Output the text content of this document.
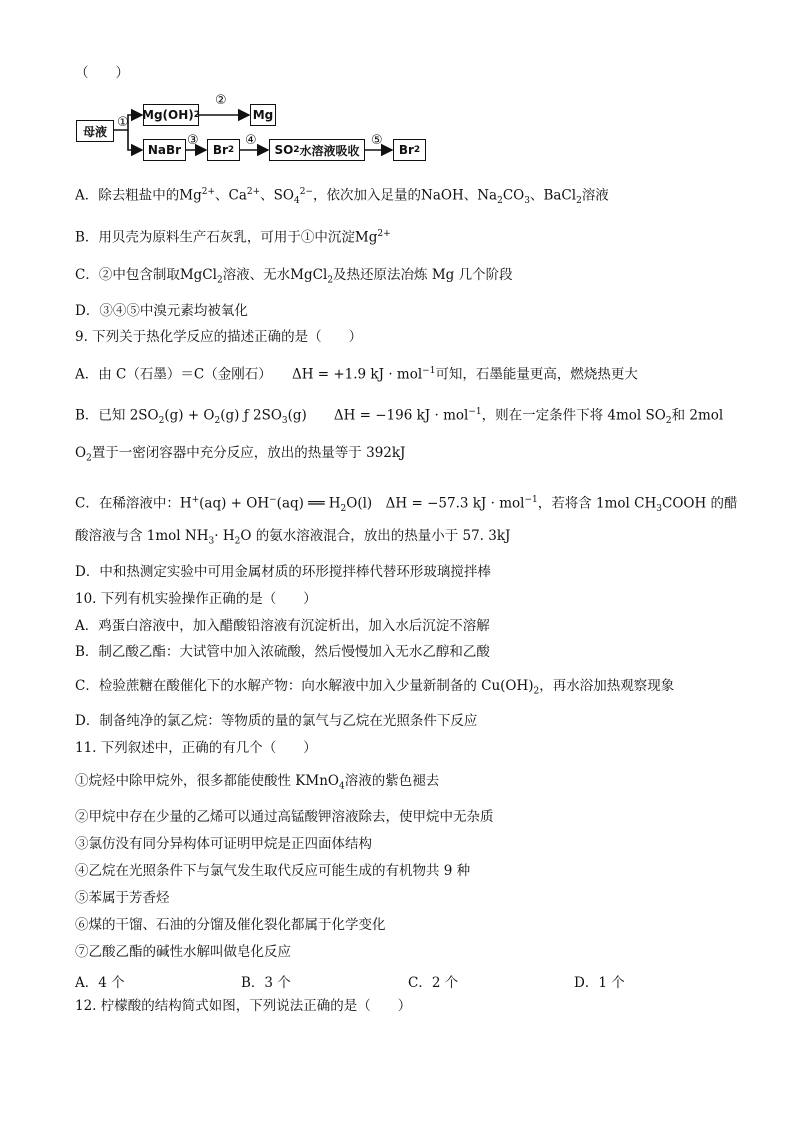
（　　）
母液
Mg(OH) 2	Mg
NaBr	Br 2	SO 2 水溶液吸收	Br 2
①
②
③	④	⑤
A．除去粗盐中的$Mg^{2+}$、$Ca^{2+}$、$SO_4^{2-}$，依次加入足量的NaOH、$Na_2CO_3$、BaCl$_2$溶液
B．用贝壳为原料生产石灰乳，可用于①中沉淀$Mg^{2+}$
C．②中包含制取MgCl$_2$溶液、无水MgCl$_2$及热还原法冶炼 Mg 几个阶段
D．③④⑤中溴元素均被氧化
9. 下列关于热化学反应的描述正确的是（　　）
A．由 C（石墨）＝C（金刚石）　　ΔH = +1.9 kJ · mol$^{-1}$可知，石墨能量更高，燃烧热更大
B．已知 $2SO_2(g) + O_2(g)$ ƒ $2SO_3(g)$　　ΔH = −196 kJ · mol$^{-1}$，则在一定条件下将 4mol $SO_2$和 2mol
$O_2$置于一密闭容器中充分反应，放出的热量等于 392kJ
C．在稀溶液中：H+(aq) + OH−(aq) ══ $H_2O(l)$　ΔH = −57.3 kJ · mol$^{-1}$，若将含 1mol $CH_3COOH$ 的醋
酸溶液与含 1mol $NH_3\cdot H_2O$ 的氨水溶液混合，放出的热量小于 57. 3kJ
D．中和热测定实验中可用金属材质的环形搅拌棒代替环形玻璃搅拌棒
10. 下列有机实验操作正确的是（　　）
A．鸡蛋白溶液中，加入醋酸铅溶液有沉淀析出，加入水后沉淀不溶解
B．制乙酸乙酯：大试管中加入浓硫酸，然后慢慢加入无水乙醇和乙酸
C．检验蔗糖在酸催化下的水解产物：向水解液中加入少量新制备的 $Cu(OH)_2$，再水浴加热观察现象
D．制备纯净的氯乙烷：等物质的量的氯气与乙烷在光照条件下反应
11. 下列叙述中，正确的有几个（　　）
①烷烃中除甲烷外，很多都能使酸性 KMnO$_4$溶液的紫色褪去
②甲烷中存在少量的乙烯可以通过高锰酸钾溶液除去，使甲烷中无杂质
③氯仿没有同分异构体可证明甲烷是正四面体结构
④乙烷在光照条件下与氯气发生取代反应可能生成的有机物共 9 种
⑤苯属于芳香烃
⑥煤的干馏、石油的分馏及催化裂化都属于化学变化
⑦乙酸乙酯的碱性水解叫做皂化反应
A．4 个	B．3 个	C．2 个	D．1 个
12. 柠檬酸的结构简式如图，下列说法正确的是（　　）
